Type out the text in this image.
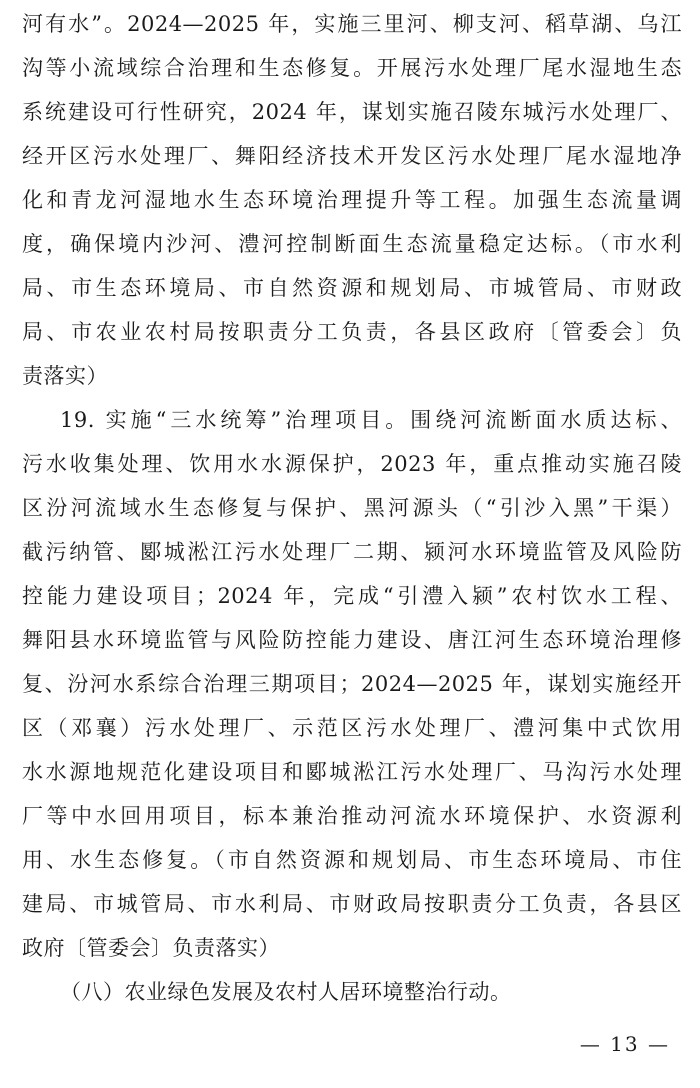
河有水”。2024—2025 年，实施三里河、柳支河、稻草湖、乌江
沟等小流域综合治理和生态修复。开展污水处理厂尾水湿地生态
系统建设可行性研究，2024 年，谋划实施召陵东城污水处理厂、
经开区污水处理厂、舞阳经济技术开发区污水处理厂尾水湿地净
化和青龙河湿地水生态环境治理提升等工程。加强生态流量调
度，确保境内沙河、澧河控制断面生态流量稳定达标。（市水利
局、市生态环境局、市自然资源和规划局、市城管局、市财政
局、市农业农村局按职责分工负责，各县区政府〔管委会〕负
责落实）
19. 实施“三水统筹”治理项目。围绕河流断面水质达标、
污水收集处理、饮用水水源保护，2023 年，重点推动实施召陵
区汾河流域水生态修复与保护、黑河源头（“引沙入黑”干渠）
截污纳管、郾城淞江污水处理厂二期、颍河水环境监管及风险防
控能力建设项目；2024 年，完成“引澧入颍”农村饮水工程、
舞阳县水环境监管与风险防控能力建设、唐江河生态环境治理修
复、汾河水系综合治理三期项目；2024—2025 年，谋划实施经开
区（邓襄）污水处理厂、示范区污水处理厂、澧河集中式饮用
水水源地规范化建设项目和郾城淞江污水处理厂、马沟污水处理
厂等中水回用项目，标本兼治推动河流水环境保护、水资源利
用、水生态修复。（市自然资源和规划局、市生态环境局、市住
建局、市城管局、市水利局、市财政局按职责分工负责，各县区
政府〔管委会〕负责落实）
（八）农业绿色发展及农村人居环境整治行动。
— 13 —
